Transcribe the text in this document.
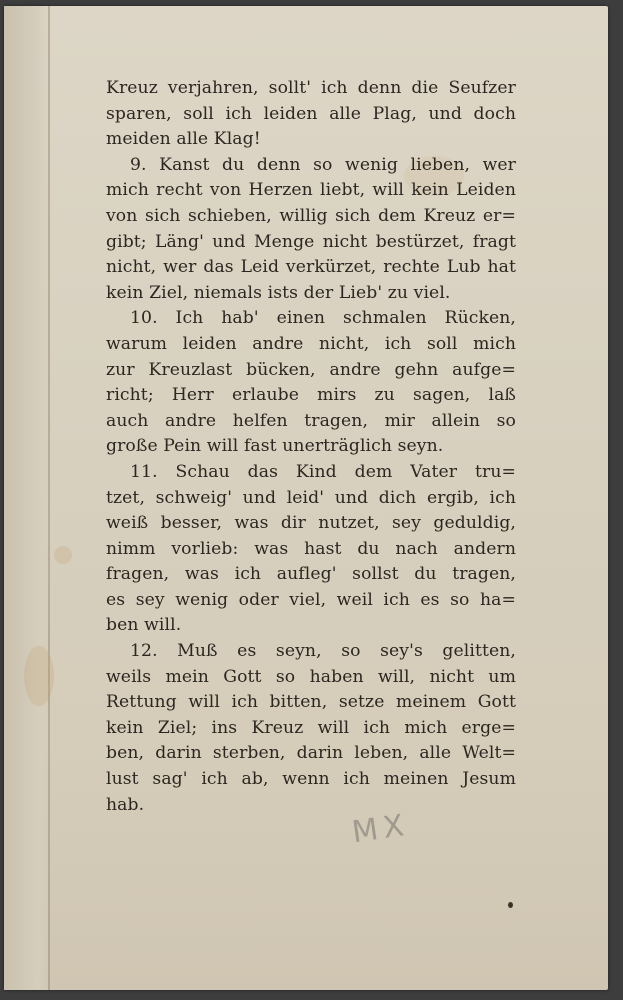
Kreuz verjahren, sollt' ich denn die Seufzer
sparen, soll ich leiden alle Plag, und doch
meiden alle Klag!
9. Kanst du denn so wenig lieben, wer
mich recht von Herzen liebt, will kein Leiden
von sich schieben, willig sich dem Kreuz er=
gibt; Läng' und Menge nicht bestürzet, fragt
nicht, wer das Leid verkürzet, rechte Lub hat
kein Ziel, niemals ists der Lieb' zu viel.
10. Ich hab' einen schmalen Rücken,
warum leiden andre nicht, ich soll mich
zur Kreuzlast bücken, andre gehn aufge=
richt; Herr erlaube mirs zu sagen, laß
auch andre helfen tragen, mir allein so
große Pein will fast unerträglich seyn.
11. Schau das Kind dem Vater tru=
tzet, schweig' und leid' und dich ergib, ich
weiß besser, was dir nutzet, sey geduldig,
nimm vorlieb: was hast du nach andern
fragen, was ich aufleg' sollst du tragen,
es sey wenig oder viel, weil ich es so ha=
ben will.
12. Muß es seyn, so sey's gelitten,
weils mein Gott so haben will, nicht um
Rettung will ich bitten, setze meinem Gott
kein Ziel; ins Kreuz will ich mich erge=
ben, darin sterben, darin leben, alle Welt=
lust sag' ich ab, wenn ich meinen Jesum
hab.
M X
